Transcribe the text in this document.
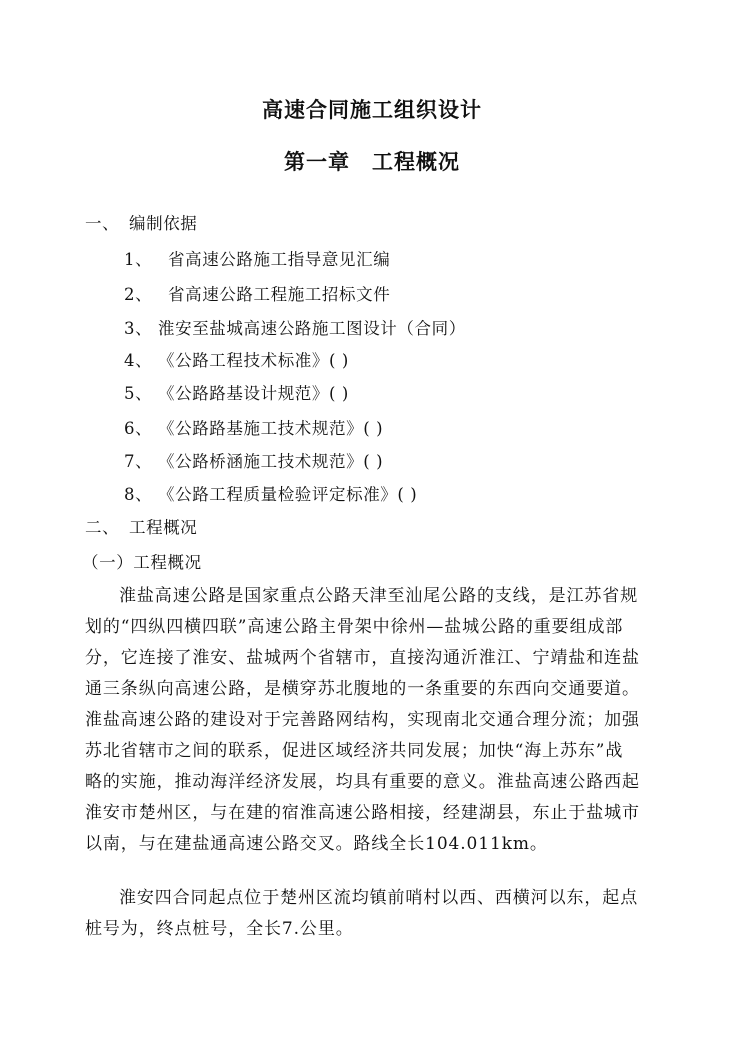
高速合同施工组织设计
第一章 工程概况
一、 编制依据
1、 省高速公路施工指导意见汇编
2、 省高速公路工程施工招标文件
3、 淮安至盐城高速公路施工图设计（合同）
4、 《公路工程技术标准》( )
5、 《公路路基设计规范》( )
6、 《公路路基施工技术规范》( )
7、 《公路桥涵施工技术规范》( )
8、 《公路工程质量检验评定标准》( )
二、 工程概况
（一）工程概况
淮盐高速公路是国家重点公路天津至汕尾公路的支线，是江苏省规
划的“四纵四横四联”高速公路主骨架中徐州—盐城公路的重要组成部
分，它连接了淮安、盐城两个省辖市，直接沟通沂淮江、宁靖盐和连盐
通三条纵向高速公路，是横穿苏北腹地的一条重要的东西向交通要道。
淮盐高速公路的建设对于完善路网结构，实现南北交通合理分流；加强
苏北省辖市之间的联系，促进区域经济共同发展；加快“海上苏东”战
略的实施，推动海洋经济发展，均具有重要的意义。淮盐高速公路西起
淮安市楚州区，与在建的宿淮高速公路相接，经建湖县，东止于盐城市
以南，与在建盐通高速公路交叉。路线全长104.011km。
淮安四合同起点位于楚州区流均镇前哨村以西、西横河以东，起点
桩号为，终点桩号，全长7.公里。
